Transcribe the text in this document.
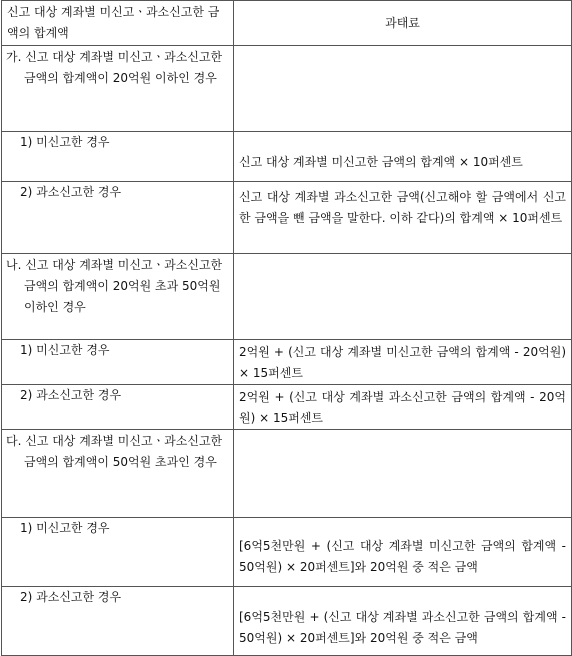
신고 대상 계좌별 미신고ㆍ과소신고한 금액의 합계액	과태료
가. 신고 대상 계좌별 미신고ㆍ과소신고한 금액의 합계액이 20억원 이하인 경우	
1) 미신고한 경우	신고 대상 계좌별 미신고한 금액의 합계액 × 10퍼센트
2) 과소신고한 경우	신고 대상 계좌별 과소신고한 금액(신고해야 할 금액에서 신고한 금액을 뺀 금액을 말한다. 이하 같다)의 합계액 × 10퍼센트
나. 신고 대상 계좌별 미신고ㆍ과소신고한 금액의 합계액이 20억원 초과 50억원 이하인 경우	
1) 미신고한 경우	2억원 + (신고 대상 계좌별 미신고한 금액의 합계액 - 20억원) × 15퍼센트
2) 과소신고한 경우	2억원 + (신고 대상 계좌별 과소신고한 금액의 합계액 - 20억원) × 15퍼센트
다. 신고 대상 계좌별 미신고ㆍ과소신고한 금액의 합계액이 50억원 초과인 경우	
1) 미신고한 경우	[6억5천만원 + (신고 대상 계좌별 미신고한 금액의 합계액 - 50억원) × 20퍼센트]와 20억원 중 적은 금액
2) 과소신고한 경우	[6억5천만원 + (신고 대상 계좌별 과소신고한 금액의 합계액 - 50억원) × 20퍼센트]와 20억원 중 적은 금액
